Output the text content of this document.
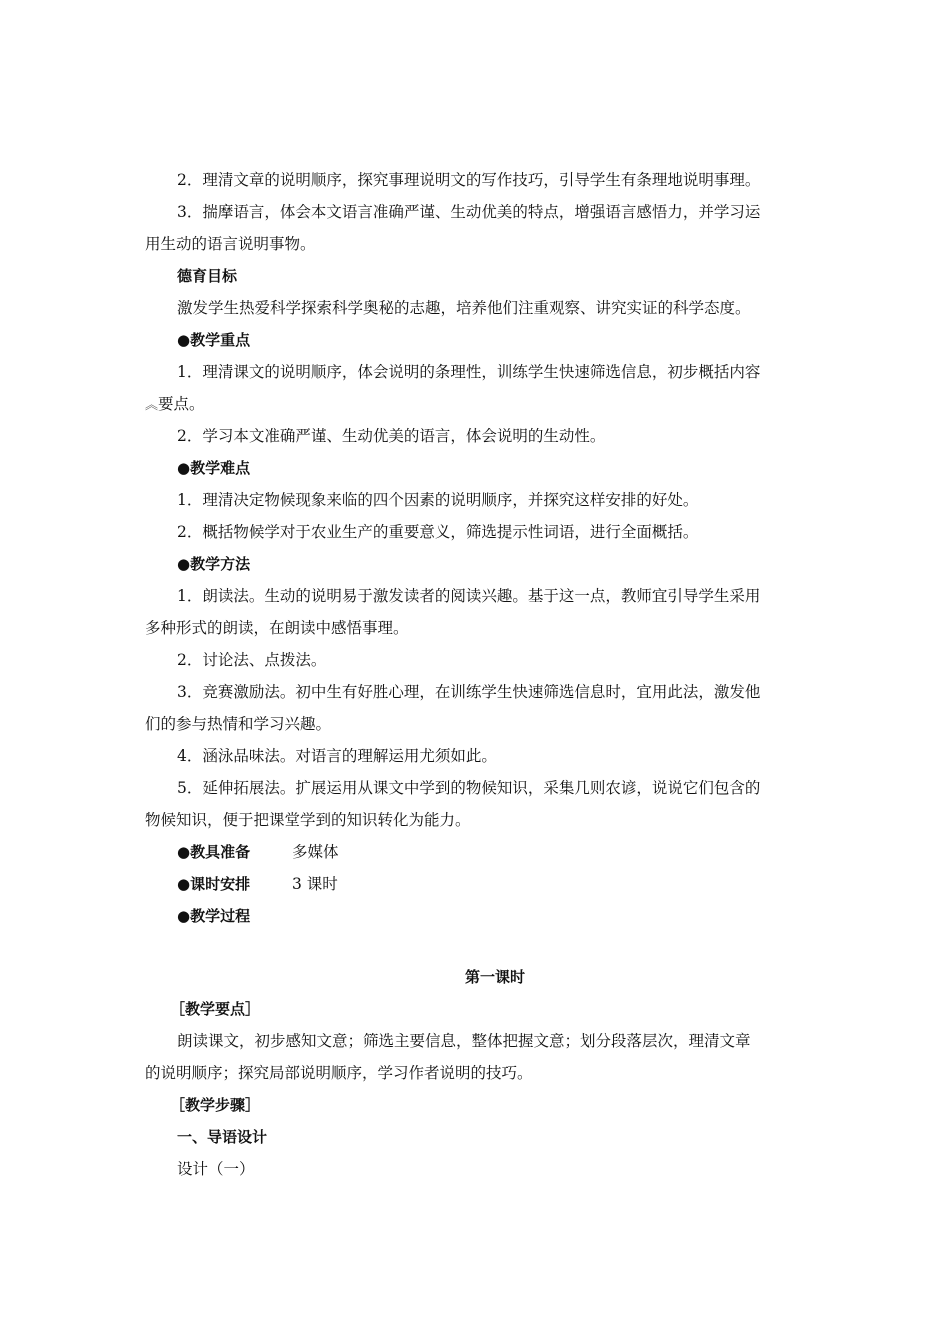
2．理清文章的说明顺序，探究事理说明文的写作技巧，引导学生有条理地说明事理。
3．揣摩语言，体会本文语言准确严谨、生动优美的特点，增强语言感悟力，并学习运
用生动的语言说明事物。
德育目标
激发学生热爱科学探索科学奥秘的志趣，培养他们注重观察、讲究实证的科学态度。
●教学重点
1．理清课文的说明顺序，体会说明的条理性，训练学生快速筛选信息，初步概括内容
︽要点。
2．学习本文准确严谨、生动优美的语言，体会说明的生动性。
●教学难点
1．理清决定物候现象来临的四个因素的说明顺序，并探究这样安排的好处。
2．概括物候学对于农业生产的重要意义，筛选提示性词语，进行全面概括。
●教学方法
1．朗读法。生动的说明易于激发读者的阅读兴趣。基于这一点，教师宜引导学生采用
多种形式的朗读，在朗读中感悟事理。
2．讨论法、点拨法。
3．竞赛激励法。初中生有好胜心理，在训练学生快速筛选信息时，宜用此法，激发他
们的参与热情和学习兴趣。
4．涵泳品味法。对语言的理解运用尤须如此。
5．延伸拓展法。扩展运用从课文中学到的物候知识，采集几则农谚，说说它们包含的
物候知识，便于把课堂学到的知识转化为能力。
●教具准备	多媒体
●课时安排	3 课时
●教学过程
第一课时
［教学要点］
朗读课文，初步感知文意；筛选主要信息，整体把握文意；划分段落层次，理清文章
的说明顺序；探究局部说明顺序，学习作者说明的技巧。
［教学步骤］
一、导语设计
设计（一）
